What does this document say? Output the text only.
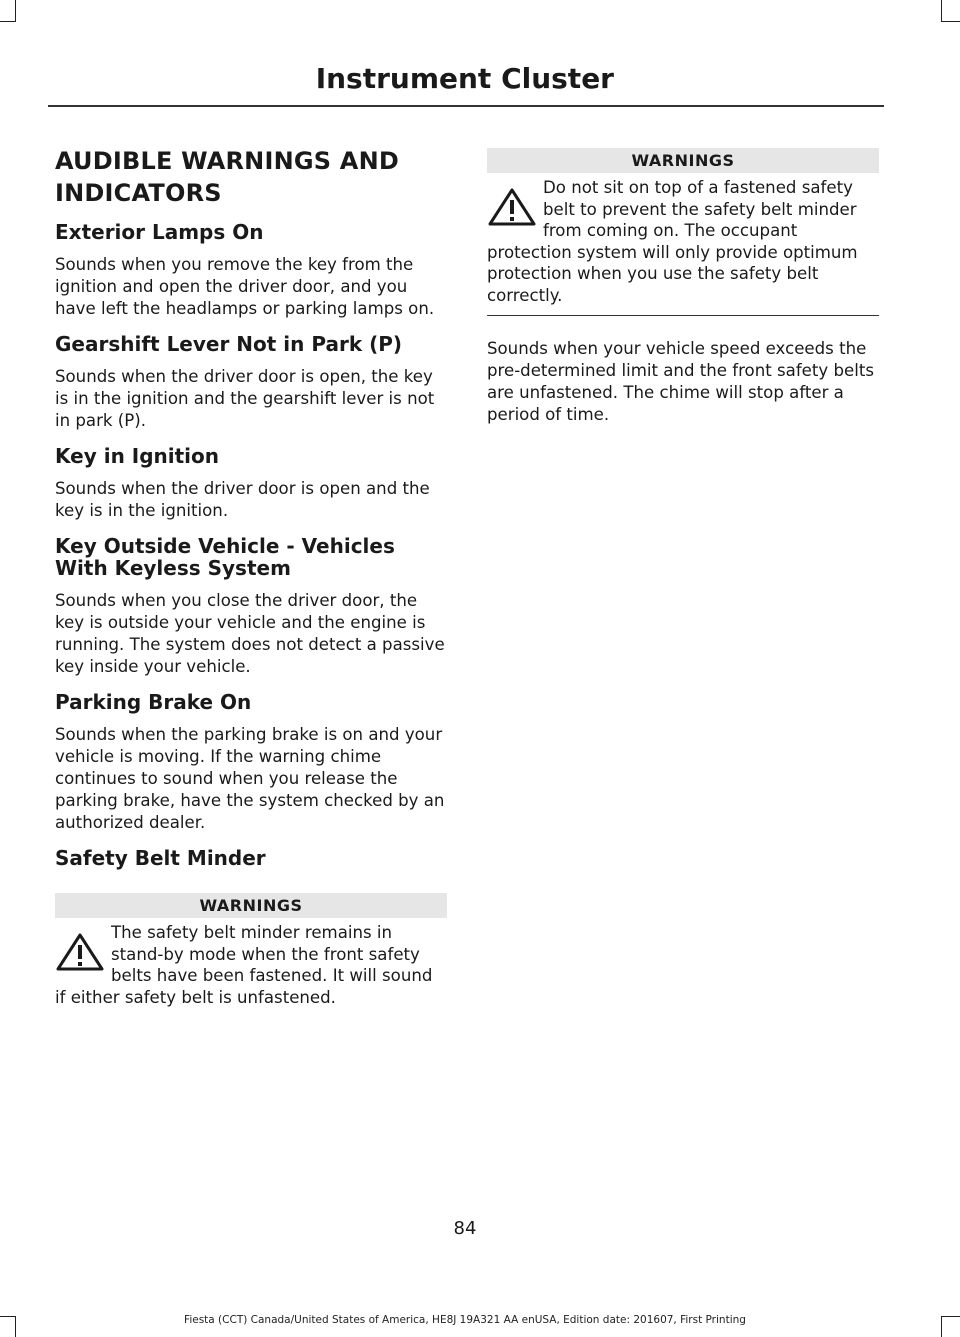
Instrument Cluster
AUDIBLE WARNINGS AND INDICATORS
Exterior Lamps On

Sounds when you remove the key from the ignition and open the driver door, and you have left the headlamps or parking lamps on.

Gearshift Lever Not in Park (P)

Sounds when the driver door is open, the key is in the ignition and the gearshift lever is not in park (P).

Key in Ignition

Sounds when the driver door is open and the key is in the ignition.

Key Outside Vehicle - Vehicles With Keyless System

Sounds when you close the driver door, the key is outside your vehicle and the engine is running. The system does not detect a passive key inside your vehicle.

Parking Brake On

Sounds when the parking brake is on and your vehicle is moving. If the warning chime continues to sound when you release the parking brake, have the system checked by an authorized dealer.

Safety Belt Minder
WARNINGS
The safety belt minder remains in stand-by mode when the front safety belts have been fastened. It will sound if either safety belt is unfastened.
WARNINGS
Do not sit on top of a fastened safety belt to prevent the safety belt minder from coming on. The occupant protection system will only provide optimum protection when you use the safety belt correctly.

Sounds when your vehicle speed exceeds the pre-determined limit and the front safety belts are unfastened. The chime will stop after a period of time.

84
Fiesta (CCT) Canada/United States of America, HE8J 19A321 AA enUSA, Edition date: 201607, First Printing
